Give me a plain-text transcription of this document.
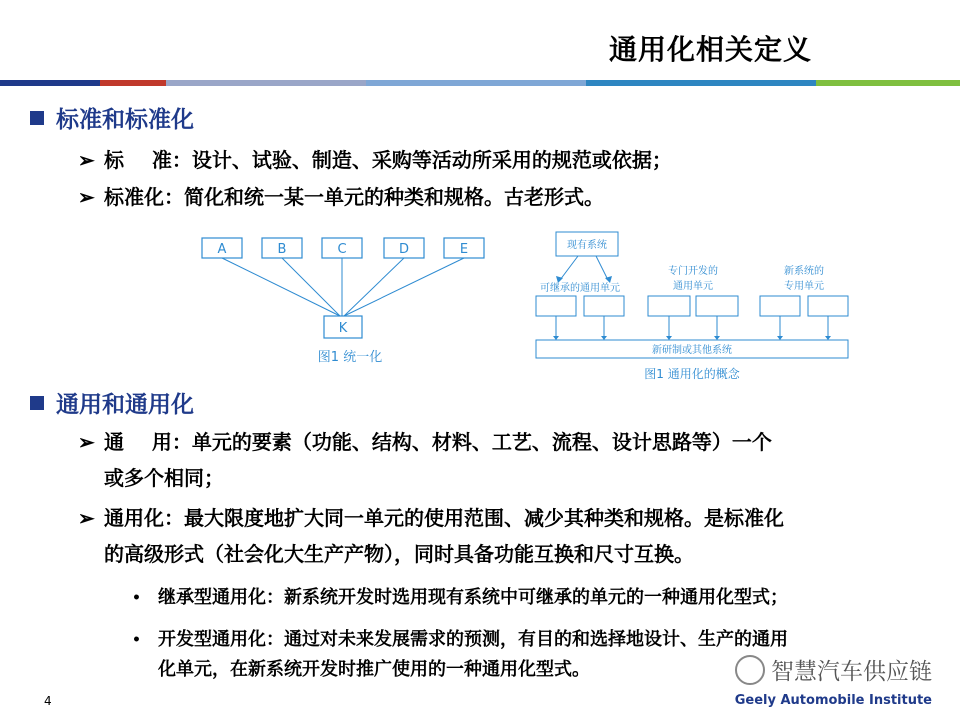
通用化相关定义
标准和标准化
➢ 标    准：设计、试验、制造、采购等活动所采用的规范或依据；
➢ 标准化：简化和统一某一单元的种类和规格。古老形式。
A	B	C	D	E
K
图1 统一化
现有系统
可继承的通用单元
专门开发的
通用单元
新系统的
专用单元
新研制或其他系统
图1 通用化的概念
通用和通用化
➢ 通    用：单元的要素（功能、结构、材料、工艺、流程、设计思路等）一个
或多个相同；
➢ 通用化：最大限度地扩大同一单元的使用范围、减少其种类和规格。是标准化
的高级形式（社会化大生产产物），同时具备功能互换和尺寸互换。
• 继承型通用化：新系统开发时选用现有系统中可继承的单元的一种通用化型式；
• 开发型通用化：通过对未来发展需求的预测，有目的和选择地设计、生产的通用
化单元，在新系统开发时推广使用的一种通用化型式。	智慧汽车供应链
4	Geely Automobile Institute
